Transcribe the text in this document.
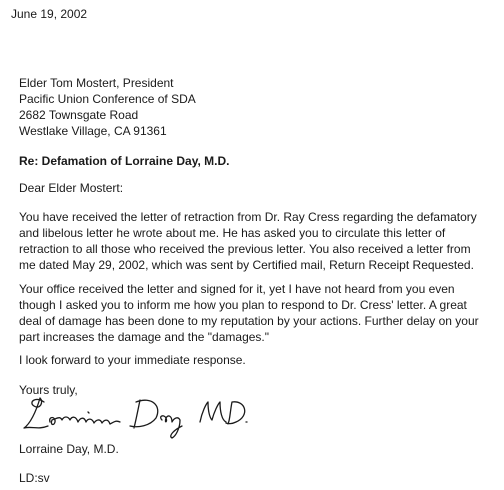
June 19, 2002
Elder Tom Mostert, President
Pacific Union Conference of SDA
2682 Townsgate Road
Westlake Village, CA 91361
Re: Defamation of Lorraine Day, M.D.
Dear Elder Mostert:
You have received the letter of retraction from Dr. Ray Cress regarding the defamatory
and libelous letter he wrote about me. He has asked you to circulate this letter of
retraction to all those who received the previous letter. You also received a letter from
me dated May 29, 2002, which was sent by Certified mail, Return Receipt Requested.
Your office received the letter and signed for it, yet I have not heard from you even
though I asked you to inform me how you plan to respond to Dr. Cress' letter. A great
deal of damage has been done to my reputation by your actions. Further delay on your
part increases the damage and the "damages."
I look forward to your immediate response.
Yours truly,
Lorraine Day, M.D.
LD:sv
